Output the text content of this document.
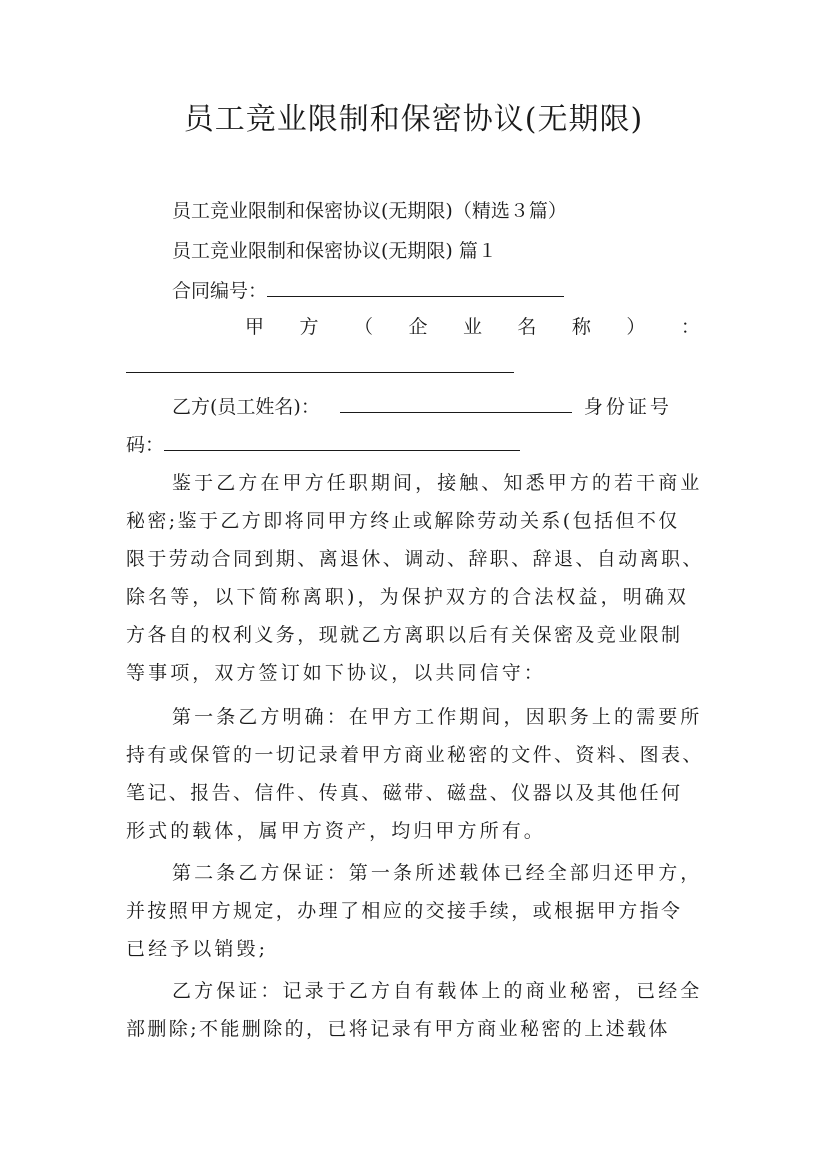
员工竞业限制和保密协议(无期限)
员工竞业限制和保密协议(无期限)（精选３篇）
员工竞业限制和保密协议(无期限) 篇１
合同编号：
甲 方 （ 企 业 名 称 ） ：
乙方(员工姓名)：	身份证号
码：
鉴于乙方在甲方任职期间，接触、知悉甲方的若干商业
秘密;鉴于乙方即将同甲方终止或解除劳动关系(包括但不仅
限于劳动合同到期、离退休、调动、辞职、辞退、自动离职、
除名等，以下简称离职)，为保护双方的合法权益，明确双
方各自的权利义务，现就乙方离职以后有关保密及竞业限制
等事项，双方签订如下协议，以共同信守：
第一条乙方明确：在甲方工作期间，因职务上的需要所
持有或保管的一切记录着甲方商业秘密的文件、资料、图表、
笔记、报告、信件、传真、磁带、磁盘、仪器以及其他任何
形式的载体，属甲方资产，均归甲方所有。
第二条乙方保证：第一条所述载体已经全部归还甲方，
并按照甲方规定，办理了相应的交接手续，或根据甲方指令
已经予以销毁;
乙方保证：记录于乙方自有载体上的商业秘密，已经全
部删除;不能删除的，已将记录有甲方商业秘密的上述载体
